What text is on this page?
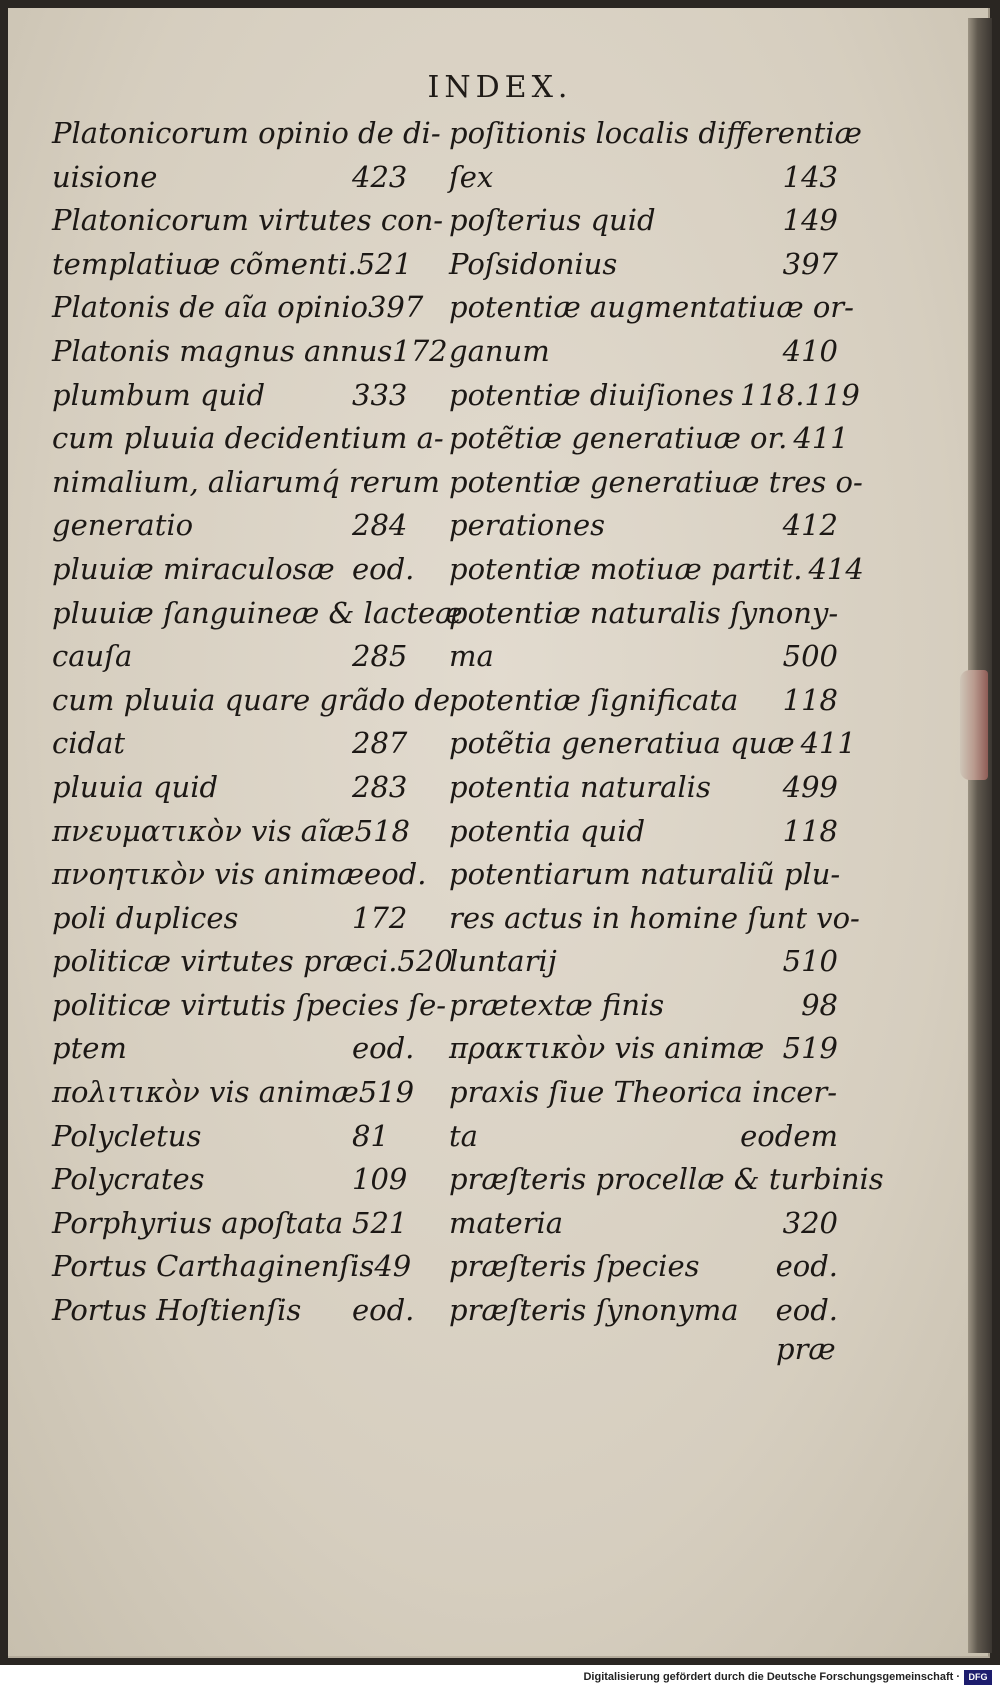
INDEX.
Platonicorum opinio de di-
uisione	423
Platonicorum virtutes con-
templatiuæ cõmenti. 521
Platonis de aĩa opinio 397
Platonis magnus annus 172
plumbum quid	333
cum pluuia decidentium a-
nimalium, aliarumq́ rerum
generatio	284
pluuiæ miraculosæ eod.
pluuiæ ſanguineæ & lacteæ
cauſa	285
cum pluuia quare grãdo de
cidat	287
pluuia quid	283
πνευματικὸν vis aĩæ 518
πνοητικὸν vis animæ eod.
poli duplices	172
politicæ virtutes præci. 520
politicæ virtutis ſpecies ſe-
ptem	eod.
πολιτικὸν vis animæ 519
Polycletus	81
Polycrates	109
Porphyrius apoſtata 521
Portus Carthaginenſis 49
Portus Hoſtienſis	eod.
poſitionis localis differentiæ
ſex	143
poſterius quid	149
Poſsidonius	397
potentiæ augmentatiuæ or-
ganum	410
potentiæ diuiſiones 118.119
potẽtiæ generatiuæ or. 411
potentiæ generatiuæ tres o-
perationes	412
potentiæ motiuæ partit. 414
potentiæ naturalis ſynony-
ma	500
potentiæ ſignificata	118
potẽtia generatiua quæ 411
potentia naturalis	499
potentia quid	118
potentiarum naturaliũ plu-
res actus in homine ſunt vo-
luntarij	510
prætextæ finis	98
πρακτικὸν vis animæ 519
praxis ſiue Theorica incer-
ta	eodem
præſteris procellæ & turbinis
materia	320
præſteris ſpecies	eod.
præſteris ſynonyma	eod.
præ
Digitalisierung gefördert durch die Deutsche Forschungsgemeinschaft · DFG
